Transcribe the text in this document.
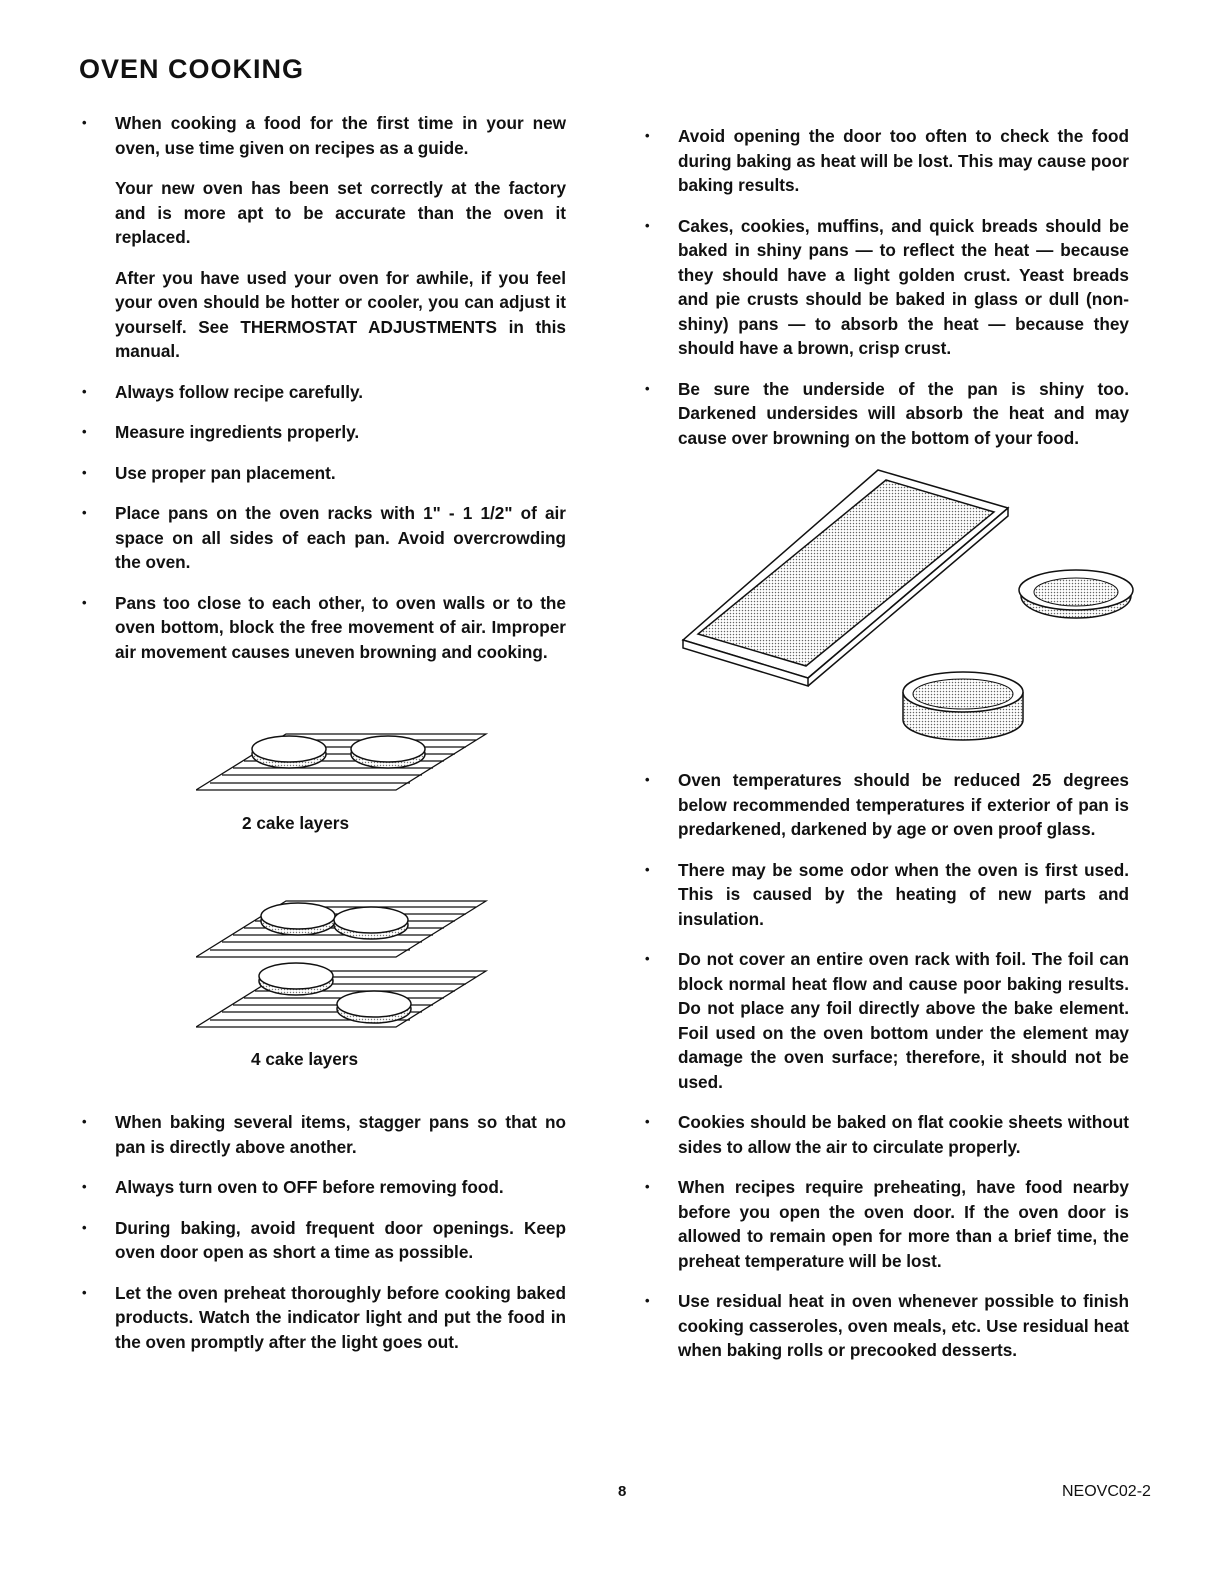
OVEN COOKING

• When cooking a food for the first time in your new oven, use time given on recipes as a guide.

Your new oven has been set correctly at the factory and is more apt to be accurate than the oven it replaced.

After you have used your oven for awhile, if you feel your oven should be hotter or cooler, you can adjust it yourself. See THERMOSTAT ADJUSTMENTS in this manual.

• Always follow recipe carefully.

• Measure ingredients properly.

• Use proper pan placement.

• Place pans on the oven racks with 1" - 1 1/2" of air space on all sides of each pan. Avoid overcrowding the oven.

• Pans too close to each other, to oven walls or to the oven bottom, block the free movement of air. Improper air movement causes uneven browning and cooking.

2 cake layers
4 cake layers

• When baking several items, stagger pans so that no pan is directly above another.

• Always turn oven to OFF before removing food.

• During baking, avoid frequent door openings. Keep oven door open as short a time as possible.

• Let the oven preheat thoroughly before cooking baked products. Watch the indicator light and put the food in the oven promptly after the light goes out.

• Avoid opening the door too often to check the food during baking as heat will be lost. This may cause poor baking results.

• Cakes, cookies, muffins, and quick breads should be baked in shiny pans — to reflect the heat — because they should have a light golden crust. Yeast breads and pie crusts should be baked in glass or dull (non-shiny) pans — to absorb the heat — because they should have a brown, crisp crust.

• Be sure the underside of the pan is shiny too. Darkened undersides will absorb the heat and may cause over browning on the bottom of your food.

• Oven temperatures should be reduced 25 degrees below recommended temperatures if exterior of pan is predarkened, darkened by age or oven proof glass.

• There may be some odor when the oven is first used. This is caused by the heating of new parts and insulation.

• Do not cover an entire oven rack with foil. The foil can block normal heat flow and cause poor baking results. Do not place any foil directly above the bake element. Foil used on the oven bottom under the element may damage the oven surface; therefore, it should not be used.

• Cookies should be baked on flat cookie sheets without sides to allow the air to circulate properly.

• When recipes require preheating, have food nearby before you open the oven door. If the oven door is allowed to remain open for more than a brief time, the preheat temperature will be lost.

• Use residual heat in oven whenever possible to finish cooking casseroles, oven meals, etc. Use residual heat when baking rolls or precooked desserts.

8	NEOVC02-2
